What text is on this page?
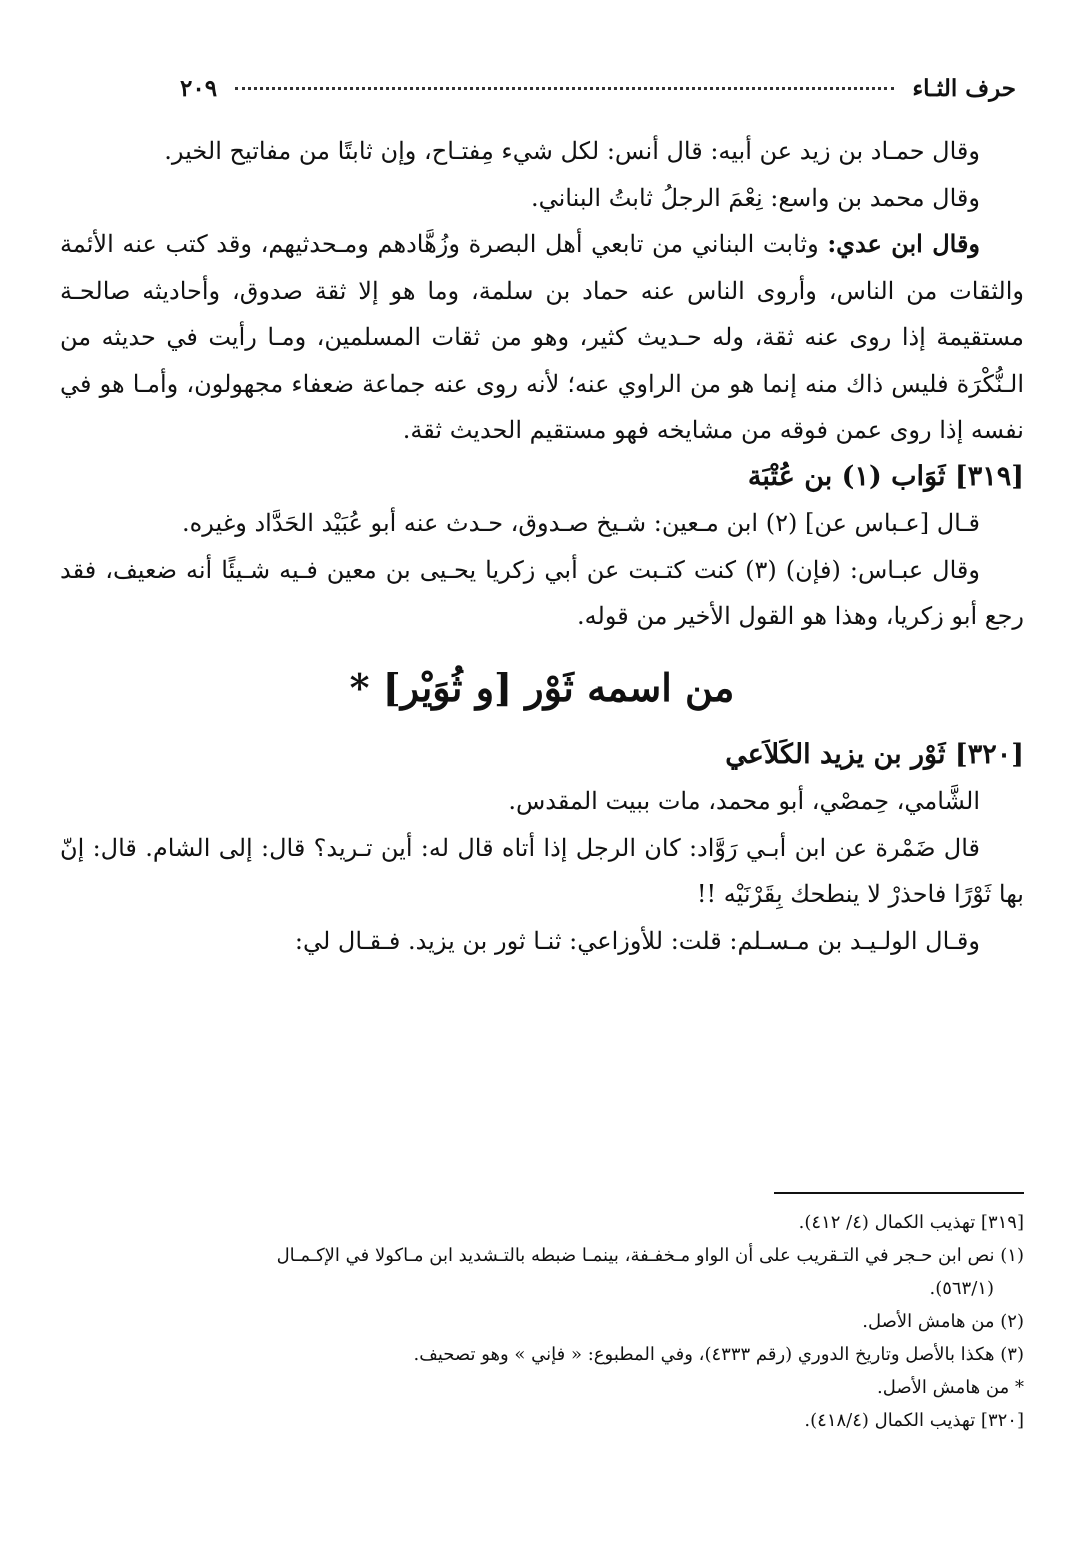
حرف الثـاء
٢٠٩

وقال حمـاد بن زيد عن أبيه: قال أنس: لكل شيء مِفتـاح، وإن ثابتًا من مفاتيح الخير.

وقال محمد بن واسع: نِعْمَ الرجلُ ثابتُ البناني.

وقال ابن عدي: وثابت البناني من تابعي أهل البصرة وزُهَّادهم ومـحدثيهم، وقد كتب عنه الأئمة والثقات من الناس، وأروى الناس عنه حماد بن سلمة، وما هو إلا ثقة صدوق، وأحاديثه صالحـة مستقيمة إذا روى عنه ثقة، وله حـديث كثير، وهو من ثقات المسلمين، ومـا رأيت في حديثه من الـنُّكْرَة فليس ذاك منه إنما هو من الراوي عنه؛ لأنه روى عنه جماعة ضعفاء مجهولون، وأمـا هو في نفسه إذا روى عمن فوقه من مشايخه فهو مستقيم الحديث ثقة.

[٣١٩] ثَوَاب (١) بن عُتْبَة

قـال [عـباس عن] (٢) ابن مـعين: شـيخ صـدوق، حـدث عنه أبو عُبَيْد الحَدَّاد وغيره.

وقال عبـاس: (فإن) (٣) كنت كتـبت عن أبي زكريا يحـيى بن معين فـيه شـيئًا أنه ضعيف، فقد رجع أبو زكريا، وهذا هو القول الأخير من قوله.

من اسمه ثَوْر [و ثُوَيْر] *

[٣٢٠] ثَوْر بن يزيد الكَلاَعي

الشَّامي، حِمصْي، أبو محمد، مات ببيت المقدس.

قال ضَمْرة عن ابن أبـي رَوَّاد: كان الرجل إذا أتاه قال له: أين تـريد؟ قال: إلى الشام. قال: إنّ بها ثَوْرًا فاحذرْ لا ينطحك بِقَرْنَيْه !!

وقـال الولـيـد بن مـسـلم: قلت: للأوزاعي: ثنـا ثور بن يزيد. فـقـال لي:

[٣١٩] تهذيب الكمال (٤/ ٤١٢).

(١) نص ابن حـجر في التـقريب على أن الواو مـخفـفة، بينمـا ضبطه بالتـشديد ابن مـاكولا في الإكـمـال

(٥٦٣/١).

(٢) من هامش الأصل.

(٣) هكذا بالأصل وتاريخ الدوري (رقم ٤٣٣٣)، وفي المطبوع: « فإني » وهو تصحيف.

* من هامش الأصل.

[٣٢٠] تهذيب الكمال (٤١٨/٤).
